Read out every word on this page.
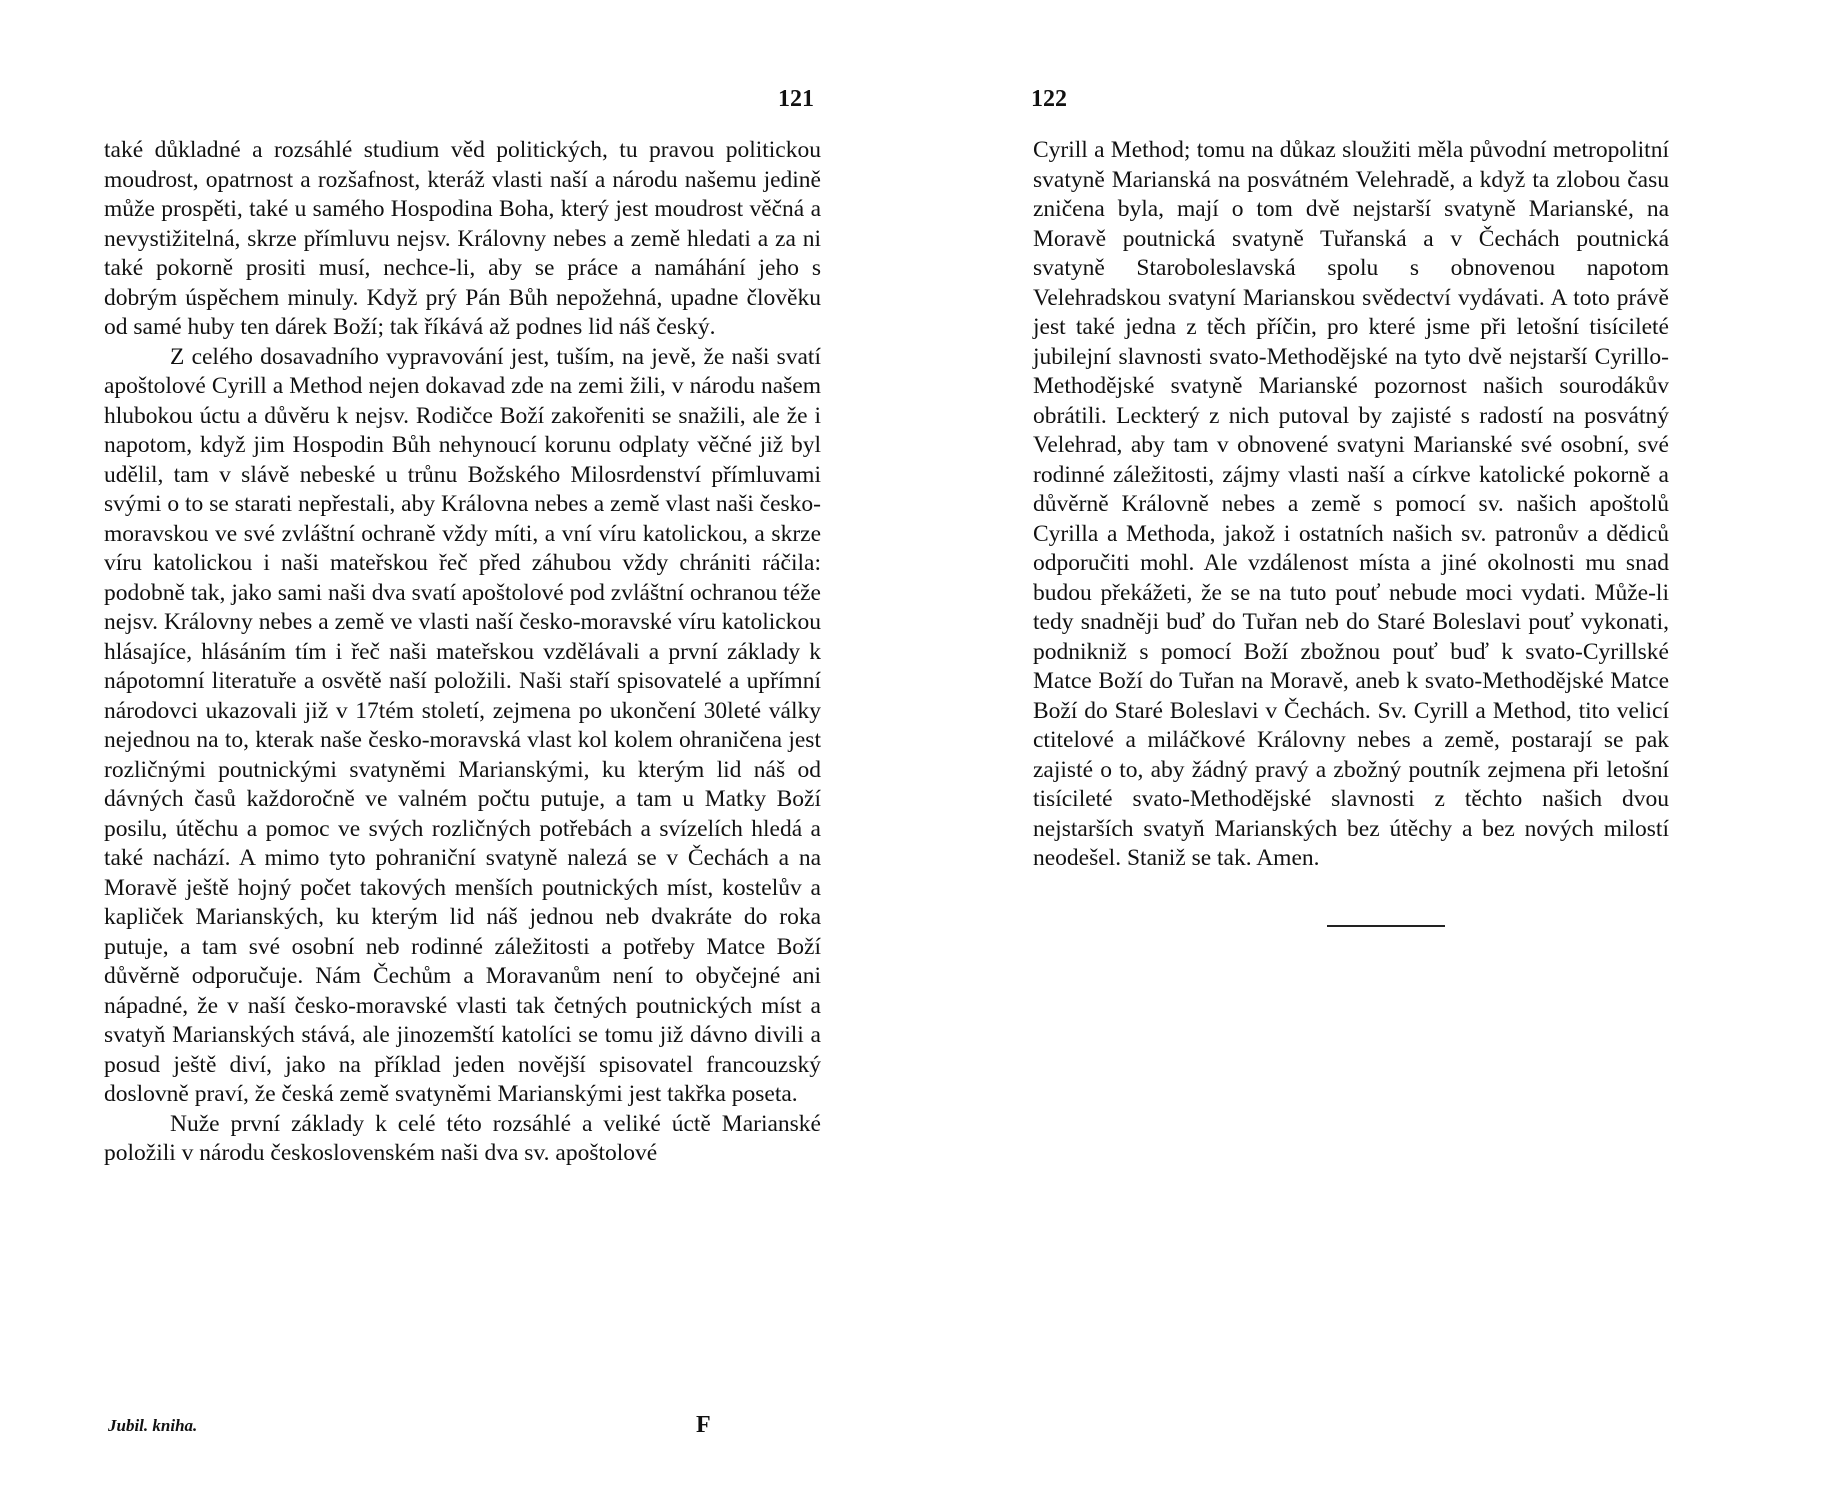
121

také důkladné a rozsáhlé studium věd politických, tu pravou politickou moudrost, opatrnost a rozšafnost, kteráž vlasti naší a národu našemu jedině může prospěti, také u samého Hospodina Boha, který jest moudrost věčná a nevystižitelná, skrze přímluvu nejsv. Královny nebes a země hledati a za ni také pokorně prositi musí, nechce-li, aby se práce a namáhání jeho s dobrým úspěchem minuly. Když prý Pán Bůh nepožehná, upadne člověku od samé huby ten dárek Boží; tak říkává až podnes lid náš český.

Z celého dosavadního vypravování jest, tuším, na jevě, že naši svatí apoštolové Cyrill a Method nejen dokavad zde na zemi žili, v národu našem hlubokou úctu a důvěru k nejsv. Rodičce Boží zakořeniti se snažili, ale že i napotom, když jim Hospodin Bůh nehynoucí korunu odplaty věčné již byl udělil, tam v slávě nebeské u trůnu Božského Milosrdenství přímluvami svými o to se starati nepřestali, aby Královna nebes a země vlast naši česko-moravskou ve své zvláštní ochraně vždy míti, a vní víru katolickou, a skrze víru katolickou i naši mateřskou řeč před záhubou vždy chrániti ráčila: podobně tak, jako sami naši dva svatí apoštolové pod zvláštní ochranou téže nejsv. Královny nebes a země ve vlasti naší česko-moravské víru katolickou hlásajíce, hlásáním tím i řeč naši mateřskou vzdělávali a první základy k nápotomní literatuře a osvětě naší položili. Naši staří spisovatelé a upřímní národovci ukazovali již v 17tém století, zejmena po ukončení 30leté války nejednou na to, kterak naše česko-moravská vlast kol kolem ohraničena jest rozličnými poutnickými svatyněmi Marianskými, ku kterým lid náš od dávných časů každoročně ve valném počtu putuje, a tam u Matky Boží posilu, útěchu a pomoc ve svých rozličných potřebách a svízelích hledá a také nachází. A mimo tyto pohraniční svatyně nalezá se v Čechách a na Moravě ještě hojný počet takových menších poutnických míst, kostelův a kapliček Marianských, ku kterým lid náš jednou neb dvakráte do roka putuje, a tam své osobní neb rodinné záležitosti a potřeby Matce Boží důvěrně odporučuje. Nám Čechům a Moravanům není to obyčejné ani nápadné, že v naší česko-moravské vlasti tak četných poutnických míst a svatyň Marianských stává, ale jinozemští katolíci se tomu již dávno divili a posud ještě diví, jako na příklad jeden novější spisovatel francouzský doslovně praví, že česká země svatyněmi Marianskými jest takřka poseta.

Nuže první základy k celé této rozsáhlé a veliké úctě Marianské položili v národu československém naši dva sv. apoštolové

Jubil. kniha.	F
122

Cyrill a Method; tomu na důkaz sloužiti měla původní metropolitní svatyně Marianská na posvátném Velehradě, a když ta zlobou času zničena byla, mají o tom dvě nejstarší svatyně Marianské, na Moravě poutnická svatyně Tuřanská a v Čechách poutnická svatyně Staroboleslavská spolu s obnovenou napotom Velehradskou svatyní Marianskou svědectví vydávati. A toto právě jest také jedna z těch příčin, pro které jsme při letošní tisícileté jubilejní slavnosti svato-Methodějské na tyto dvě nejstarší Cyrillo-Methodějské svatyně Marianské pozornost našich sourodákův obrátili. Leckterý z nich putoval by zajisté s radostí na posvátný Velehrad, aby tam v obnovené svatyni Marianské své osobní, své rodinné záležitosti, zájmy vlasti naší a církve katolické pokorně a důvěrně Královně nebes a země s pomocí sv. našich apoštolů Cyrilla a Methoda, jakož i ostatních našich sv. patronův a dědiců odporučiti mohl. Ale vzdálenost místa a jiné okolnosti mu snad budou překážeti, že se na tuto pouť nebude moci vydati. Může-li tedy snadněji buď do Tuřan neb do Staré Boleslavi pouť vykonati, podnikniž s pomocí Boží zbožnou pouť buď k svato-Cyrillské Matce Boží do Tuřan na Moravě, aneb k svato-Methodějské Matce Boží do Staré Boleslavi v Čechách. Sv. Cyrill a Method, tito velicí ctitelové a miláčkové Královny nebes a země, postarají se pak zajisté o to, aby žádný pravý a zbožný poutník zejmena při letošní tisícileté svato-Methodějské slavnosti z těchto našich dvou nejstarších svatyň Marianských bez útěchy a bez nových milostí neodešel. Staniž se tak. Amen.
